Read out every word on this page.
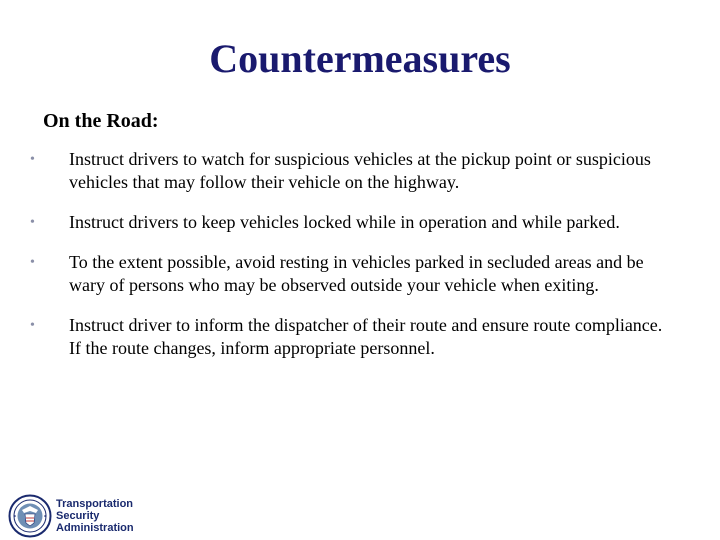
Countermeasures

On the Road:

• Instruct drivers to watch for suspicious vehicles at the pickup point or suspicious vehicles that may follow their vehicle on the highway.
• Instruct drivers to keep vehicles locked while in operation and while parked.
• To the extent possible, avoid resting in vehicles parked in secluded areas and be wary of persons who may be observed outside your vehicle when exiting.
• Instruct driver to inform the dispatcher of their route and ensure route compliance. If the route changes, inform appropriate personnel.
Transportation
Security
Administration
